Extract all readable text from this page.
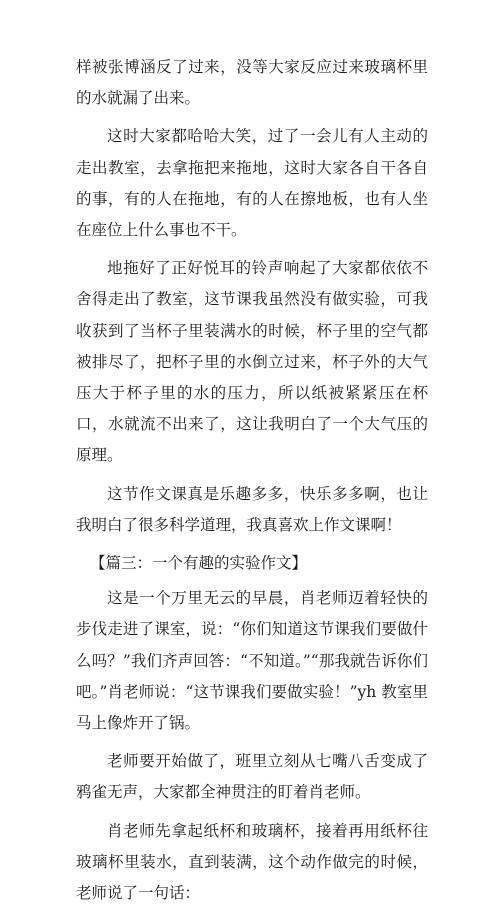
样被张博涵反了过来，没等大家反应过来玻璃杯里的水就漏了出来。

这时大家都哈哈大笑，过了一会儿有人主动的走出教室，去拿拖把来拖地，这时大家各自干各自的事，有的人在拖地，有的人在擦地板，也有人坐在座位上什么事也不干。

地拖好了正好悦耳的铃声响起了大家都依依不舍得走出了教室，这节课我虽然没有做实验，可我收获到了当杯子里装满水的时候，杯子里的空气都被排尽了，把杯子里的水倒立过来，杯子外的大气压大于杯子里的水的压力，所以纸被紧紧压在杯口，水就流不出来了，这让我明白了一个大气压的原理。

这节作文课真是乐趣多多，快乐多多啊，也让我明白了很多科学道理，我真喜欢上作文课啊！

【篇三：一个有趣的实验作文】

这是一个万里无云的早晨，肖老师迈着轻快的步伐走进了课室，说：“你们知道这节课我们要做什么吗？”我们齐声回答：“不知道。”“那我就告诉你们吧。”肖老师说：“这节课我们要做实验！”yh 教室里马上像炸开了锅。

老师要开始做了，班里立刻从七嘴八舌变成了鸦雀无声，大家都全神贯注的盯着肖老师。

肖老师先拿起纸杯和玻璃杯，接着再用纸杯往玻璃杯里装水，直到装满，这个动作做完的时候，老师说了一句话：
